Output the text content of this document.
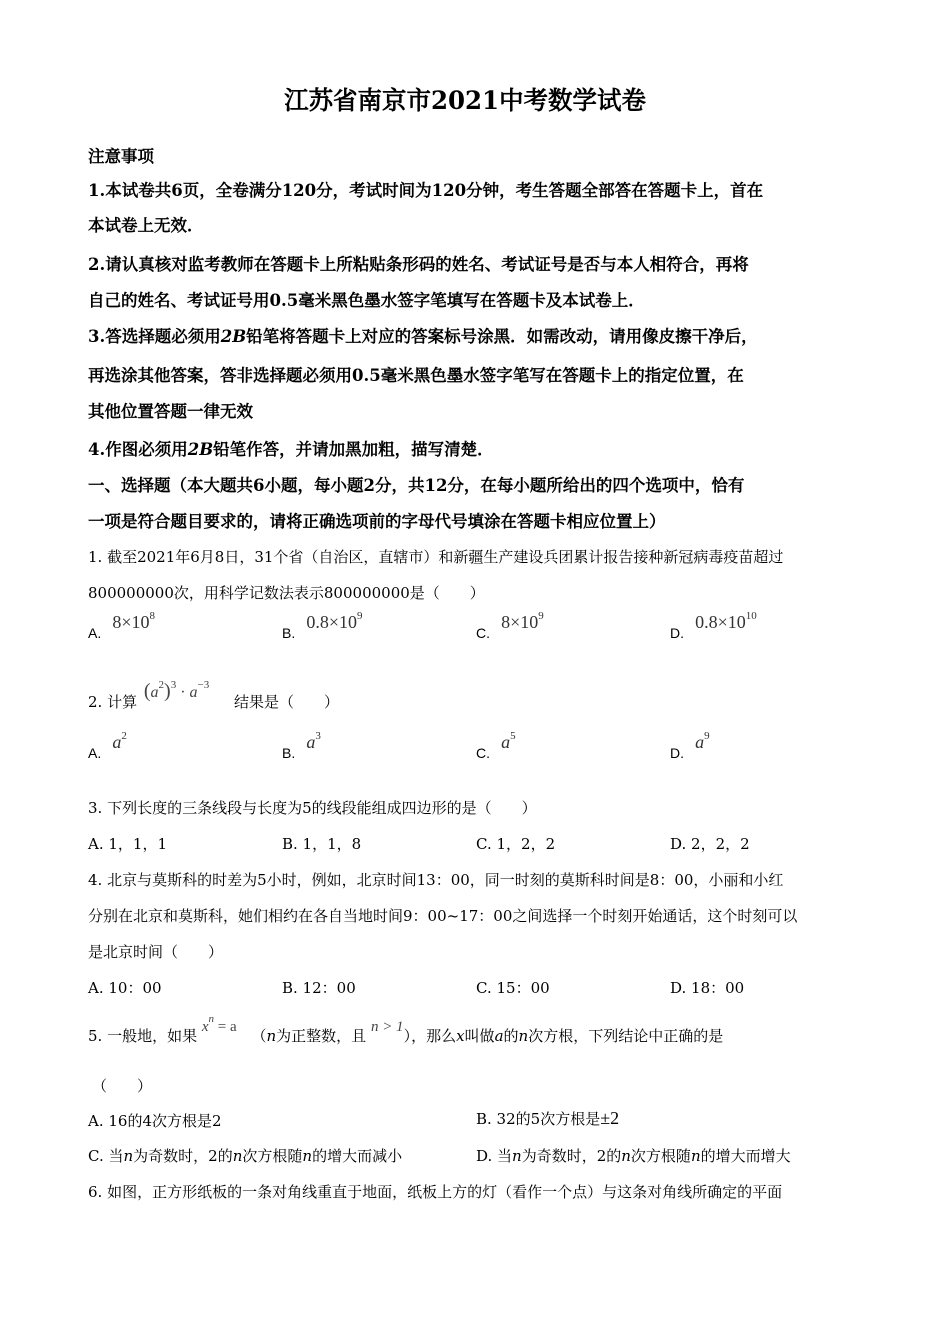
江苏省南京市2021中考数学试卷
注意事项
1.本试卷共6页，全卷满分120分，考试时间为120分钟，考生答题全部答在答题卡上，首在
本试卷上无效．
2.请认真核对监考教师在答题卡上所粘贴条形码的姓名、考试证号是否与本人相符合，再将
自己的姓名、考试证号用0.5毫米黑色墨水签字笔填写在答题卡及本试卷上．
3.答选择题必须用2B铅笔将答题卡上对应的答案标号涂黑．如需改动，请用像皮擦干净后，
再选涂其他答案，答非选择题必须用0.5毫米黑色墨水签字笔写在答题卡上的指定位置，在
其他位置答题一律无效
4.作图必须用2B铅笔作答，并请加黑加粗，描写清楚．
一、选择题（本大题共6小题，每小题2分，共12分，在每小题所给出的四个选项中，恰有
一项是符合题目要求的，请将正确选项前的字母代号填涂在答题卡相应位置上）
1. 截至2021年6月8日，31个省（自治区，直辖市）和新疆生产建设兵团累计报告接种新冠病毒疫苗超过
800000000次，用科学记数法表示800000000是（　　）
A. $8\times 10^8$
B. $0.8\times 10^9$
C. $8\times 10^9$
D. $0.8\times 10^{10}$
2. 计算 $(a^2)^3 \cdot a^{-3}$ 结果是（　　）
A. $a^2$
B. $a^3$
C. $a^5$
D. $a^9$
3. 下列长度的三条线段与长度为5的线段能组成四边形的是（　　）
A. 1，1，1	B. 1，1，8	C. 1，2，2	D. 2，2，2
4. 北京与莫斯科的时差为5小时，例如，北京时间13：00，同一时刻的莫斯科时间是8：00，小丽和小红
分别在北京和莫斯科，她们相约在各自当地时间9：00~17：00之间选择一个时刻开始通话，这个时刻可以
是北京时间（　　）
A. 10：00	B. 12：00	C. 15：00	D. 18：00
5. 一般地，如果 $x^n = a$ （n为正整数，且 n > 1），那么x叫做a的n次方根，下列结论中正确的是
（　　）
A. 16的4次方根是2	B. 32的5次方根是±2
C. 当n为奇数时，2的n次方根随n的增大而减小	D. 当n为奇数时，2的n次方根随n的增大而增大
6. 如图，正方形纸板的一条对角线重直于地面，纸板上方的灯（看作一个点）与这条对角线所确定的平面
